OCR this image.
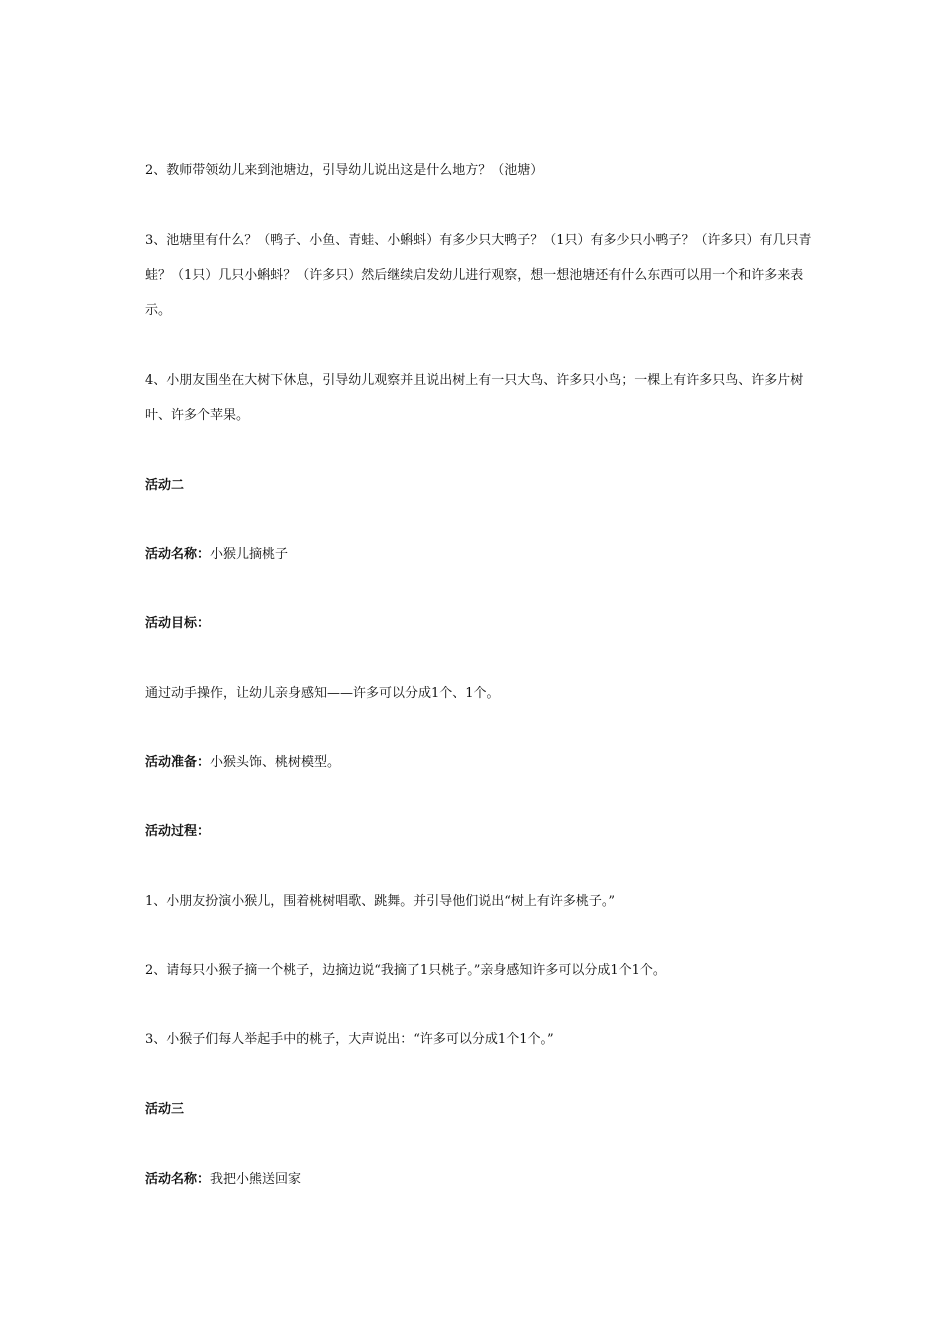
2、教师带领幼儿来到池塘边，引导幼儿说出这是什么地方？（池塘）

3、池塘里有什么？（鸭子、小鱼、青蛙、小蝌蚪）有多少只大鸭子？（1只）有多少只小鸭子？（许多只）有几只青蛙？（1只）几只小蝌蚪？（许多只）然后继续启发幼儿进行观察，想一想池塘还有什么东西可以用一个和许多来表示。

4、小朋友围坐在大树下休息，引导幼儿观察并且说出树上有一只大鸟、许多只小鸟；一棵上有许多只鸟、许多片树叶、许多个苹果。

活动二

活动名称：小猴儿摘桃子

活动目标：

通过动手操作，让幼儿亲身感知——许多可以分成1个、1个。

活动准备：小猴头饰、桃树模型。

活动过程：

1、小朋友扮演小猴儿，围着桃树唱歌、跳舞。并引导他们说出“树上有许多桃子。”

2、请每只小猴子摘一个桃子，边摘边说“我摘了1只桃子。”亲身感知许多可以分成1个1个。

3、小猴子们每人举起手中的桃子，大声说出：“许多可以分成1个1个。”

活动三

活动名称：我把小熊送回家
